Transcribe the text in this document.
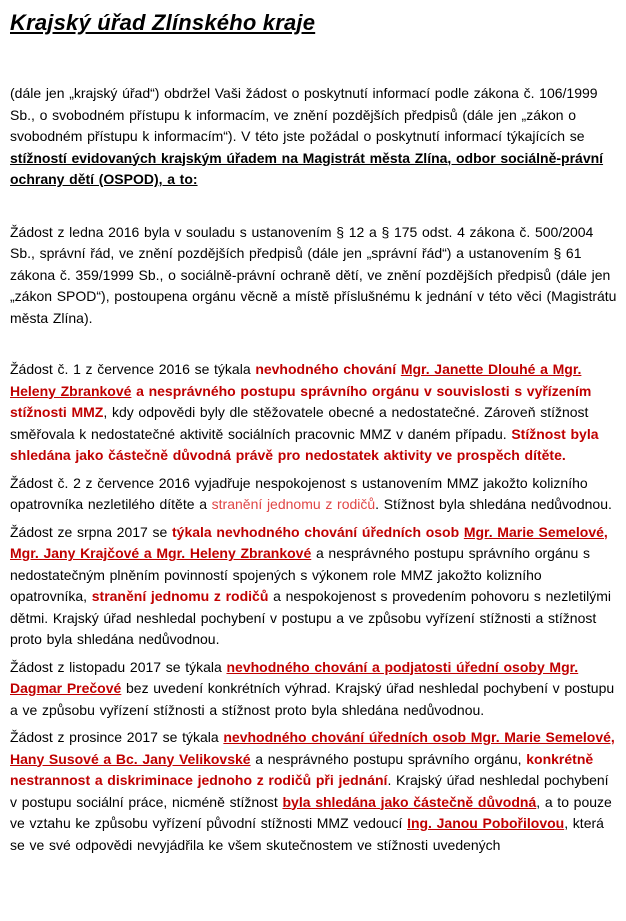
Krajský úřad Zlínského kraje

(dále jen „krajský úřad“) obdržel Vaši žádost o poskytnutí informací podle zákona č. 106/1999 Sb., o svobodném přístupu k informacím, ve znění pozdějších předpisů (dále jen „zákon o svobodném přístupu k informacím“). V této jste požádal o poskytnutí informací týkajících se stížností evidovaných krajským úřadem na Magistrát města Zlína, odbor sociálně-právní ochrany dětí (OSPOD), a to:

Žádost z ledna 2016 byla v souladu s ustanovením § 12 a § 175 odst. 4 zákona č. 500/2004 Sb., správní řád, ve znění pozdějších předpisů (dále jen „správní řád“) a ustanovením § 61 zákona č. 359/1999 Sb., o sociálně-právní ochraně dětí, ve znění pozdějších předpisů (dále jen „zákon SPOD“), postoupena orgánu věcně a místě příslušnému k jednání v této věci (Magistrátu města Zlína).

Žádost č. 1 z července 2016 se týkala nevhodného chování Mgr. Janette Dlouhé a Mgr. Heleny Zbrankové a nesprávného postupu správního orgánu v souvislosti s vyřízením stížnosti MMZ, kdy odpovědi byly dle stěžovatele obecné a nedostatečné. Zároveň stížnost směřovala k nedostatečné aktivitě sociálních pracovnic MMZ v daném případu. Stížnost byla shledána jako částečně důvodná právě pro nedostatek aktivity ve prospěch dítěte.

Žádost č. 2 z července 2016 vyjadřuje nespokojenost s ustanovením MMZ jakožto kolizního opatrovníka nezletilého dítěte a stranění jednomu z rodičů. Stížnost byla shledána nedůvodnou.

Žádost ze srpna 2017 se týkala nevhodného chování úředních osob Mgr. Marie Semelové, Mgr. Jany Krajčové a Mgr. Heleny Zbrankové a nesprávného postupu správního orgánu s nedostatečným plněním povinností spojených s výkonem role MMZ jakožto kolizního opatrovníka, stranění jednomu z rodičů a nespokojenost s provedením pohovoru s nezletilými dětmi. Krajský úřad neshledal pochybení v postupu a ve způsobu vyřízení stížnosti a stížnost proto byla shledána nedůvodnou.

Žádost z listopadu 2017 se týkala nevhodného chování a podjatosti úřední osoby Mgr. Dagmar Prečové bez uvedení konkrétních výhrad. Krajský úřad neshledal pochybení v postupu a ve způsobu vyřízení stížnosti a stížnost proto byla shledána nedůvodnou.

Žádost z prosince 2017 se týkala nevhodného chování úředních osob Mgr. Marie Semelové, Hany Susové a Bc. Jany Velikovské a nesprávného postupu správního orgánu, konkrétně nestrannost a diskriminace jednoho z rodičů při jednání. Krajský úřad neshledal pochybení v postupu sociální práce, nicméně stížnost byla shledána jako částečně důvodná, a to pouze ve vztahu ke způsobu vyřízení původní stížnosti MMZ vedoucí Ing. Janou Pobořilovou, která se ve své odpovědi nevyjádřila ke všem skutečnostem ve stížnosti uvedených
